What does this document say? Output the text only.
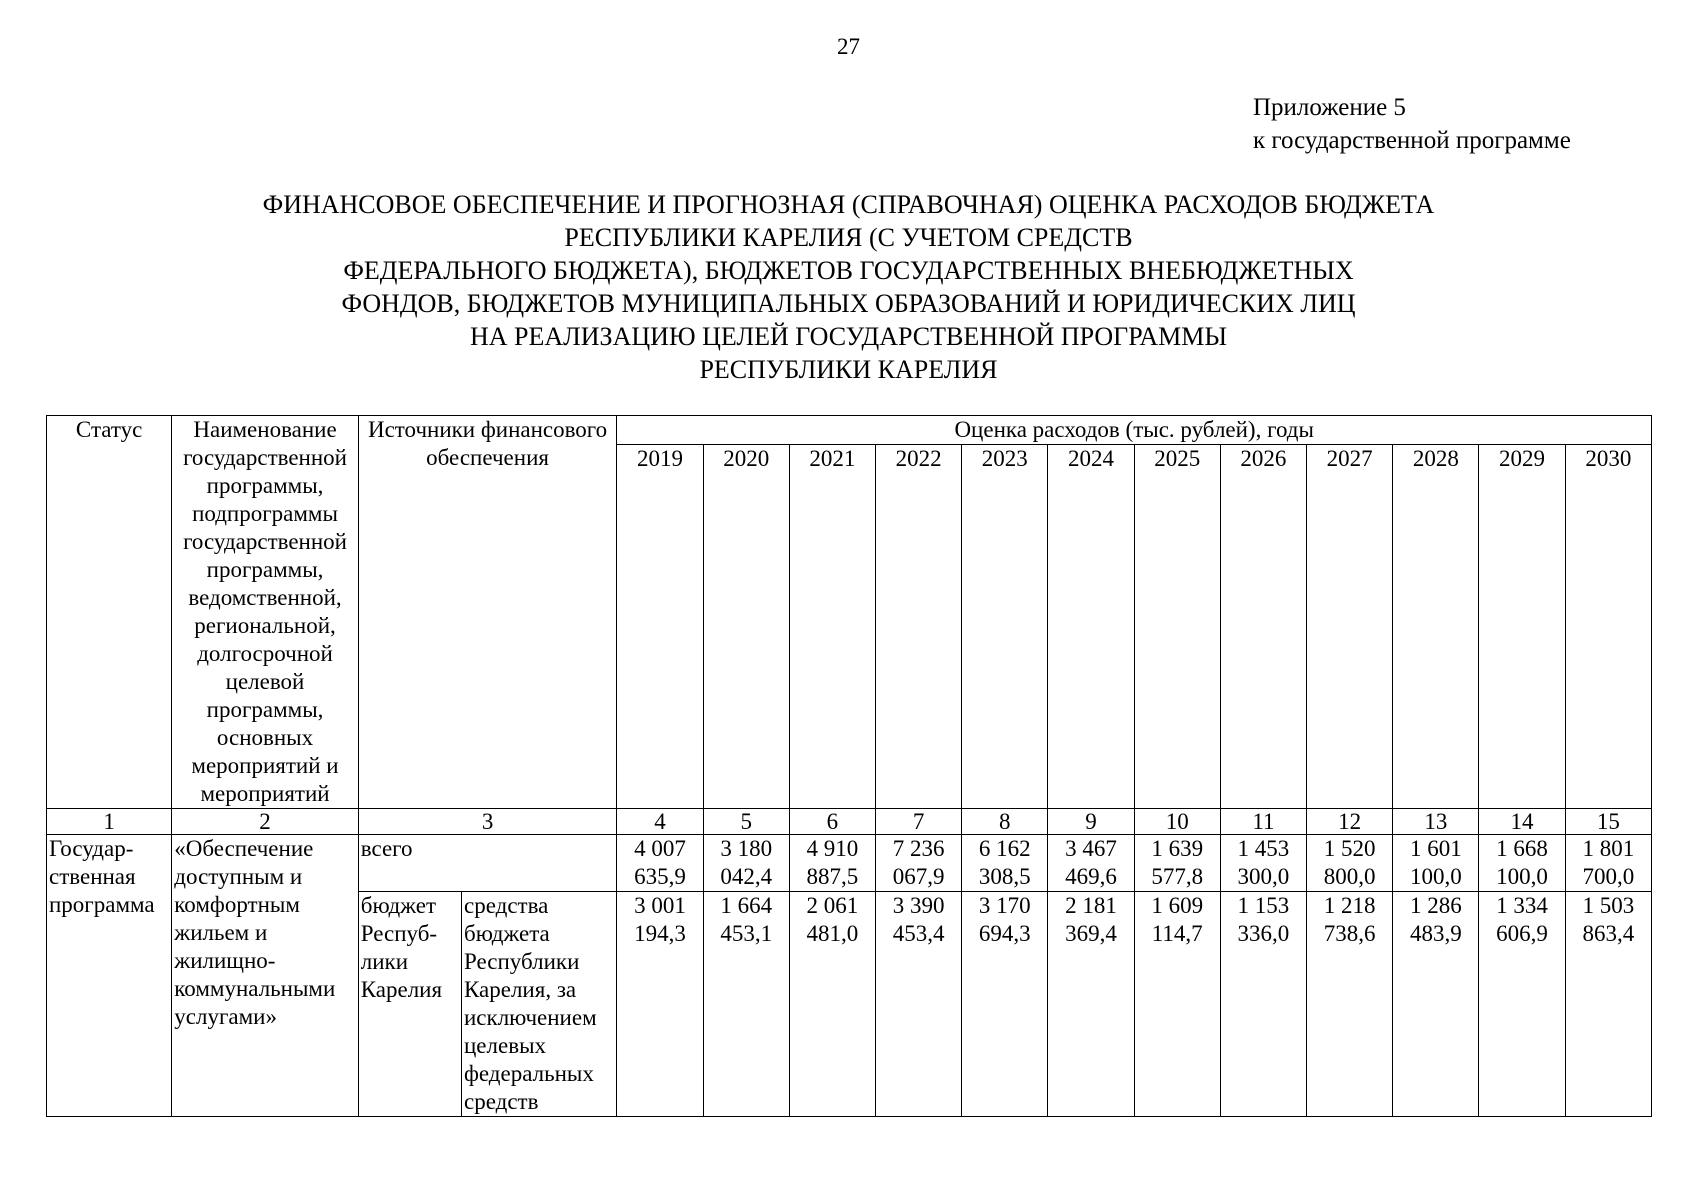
27
Приложение 5
к государственной программе
ФИНАНСОВОЕ ОБЕСПЕЧЕНИЕ И ПРОГНОЗНАЯ (СПРАВОЧНАЯ) ОЦЕНКА РАСХОДОВ БЮДЖЕТА
РЕСПУБЛИКИ КАРЕЛИЯ (С УЧЕТОМ СРЕДСТВ
ФЕДЕРАЛЬНОГО БЮДЖЕТА), БЮДЖЕТОВ ГОСУДАРСТВЕННЫХ ВНЕБЮДЖЕТНЫХ
ФОНДОВ, БЮДЖЕТОВ МУНИЦИПАЛЬНЫХ ОБРАЗОВАНИЙ И ЮРИДИЧЕСКИХ ЛИЦ
НА РЕАЛИЗАЦИЮ ЦЕЛЕЙ ГОСУДАРСТВЕННОЙ ПРОГРАММЫ
РЕСПУБЛИКИ КАРЕЛИЯ
Статус	Наименование государственной программы, подпрограммы государственной программы, ведомственной, региональной, долгосрочной целевой программы, основных мероприятий и мероприятий	Источники финансового обеспечения		Оценка расходов (тыс. рублей), годы											
				2019	2020	2021	2022	2023	2024	2025	2026	2027	2028	2029	2030
1	2	3		4	5	6	7	8	9	10	11	12	13	14	15
Государ-ственная программа	«Обеспечение доступным и комфортным жильем и жилищно-коммунальными услугами»	всего		4 007 635,9	3 180 042,4	4 910 887,5	7 236 067,9	6 162 308,5	3 467 469,6	1 639 577,8	1 453 300,0	1 520 800,0	1 601 100,0	1 668 100,0	1 801 700,0
		бюджет Респуб-лики Карелия	средства бюджета Республики Карелия, за исключением целевых федеральных средств	3 001 194,3	1 664 453,1	2 061 481,0	3 390 453,4	3 170 694,3	2 181 369,4	1 609 114,7	1 153 336,0	1 218 738,6	1 286 483,9	1 334 606,9	1 503 863,4
